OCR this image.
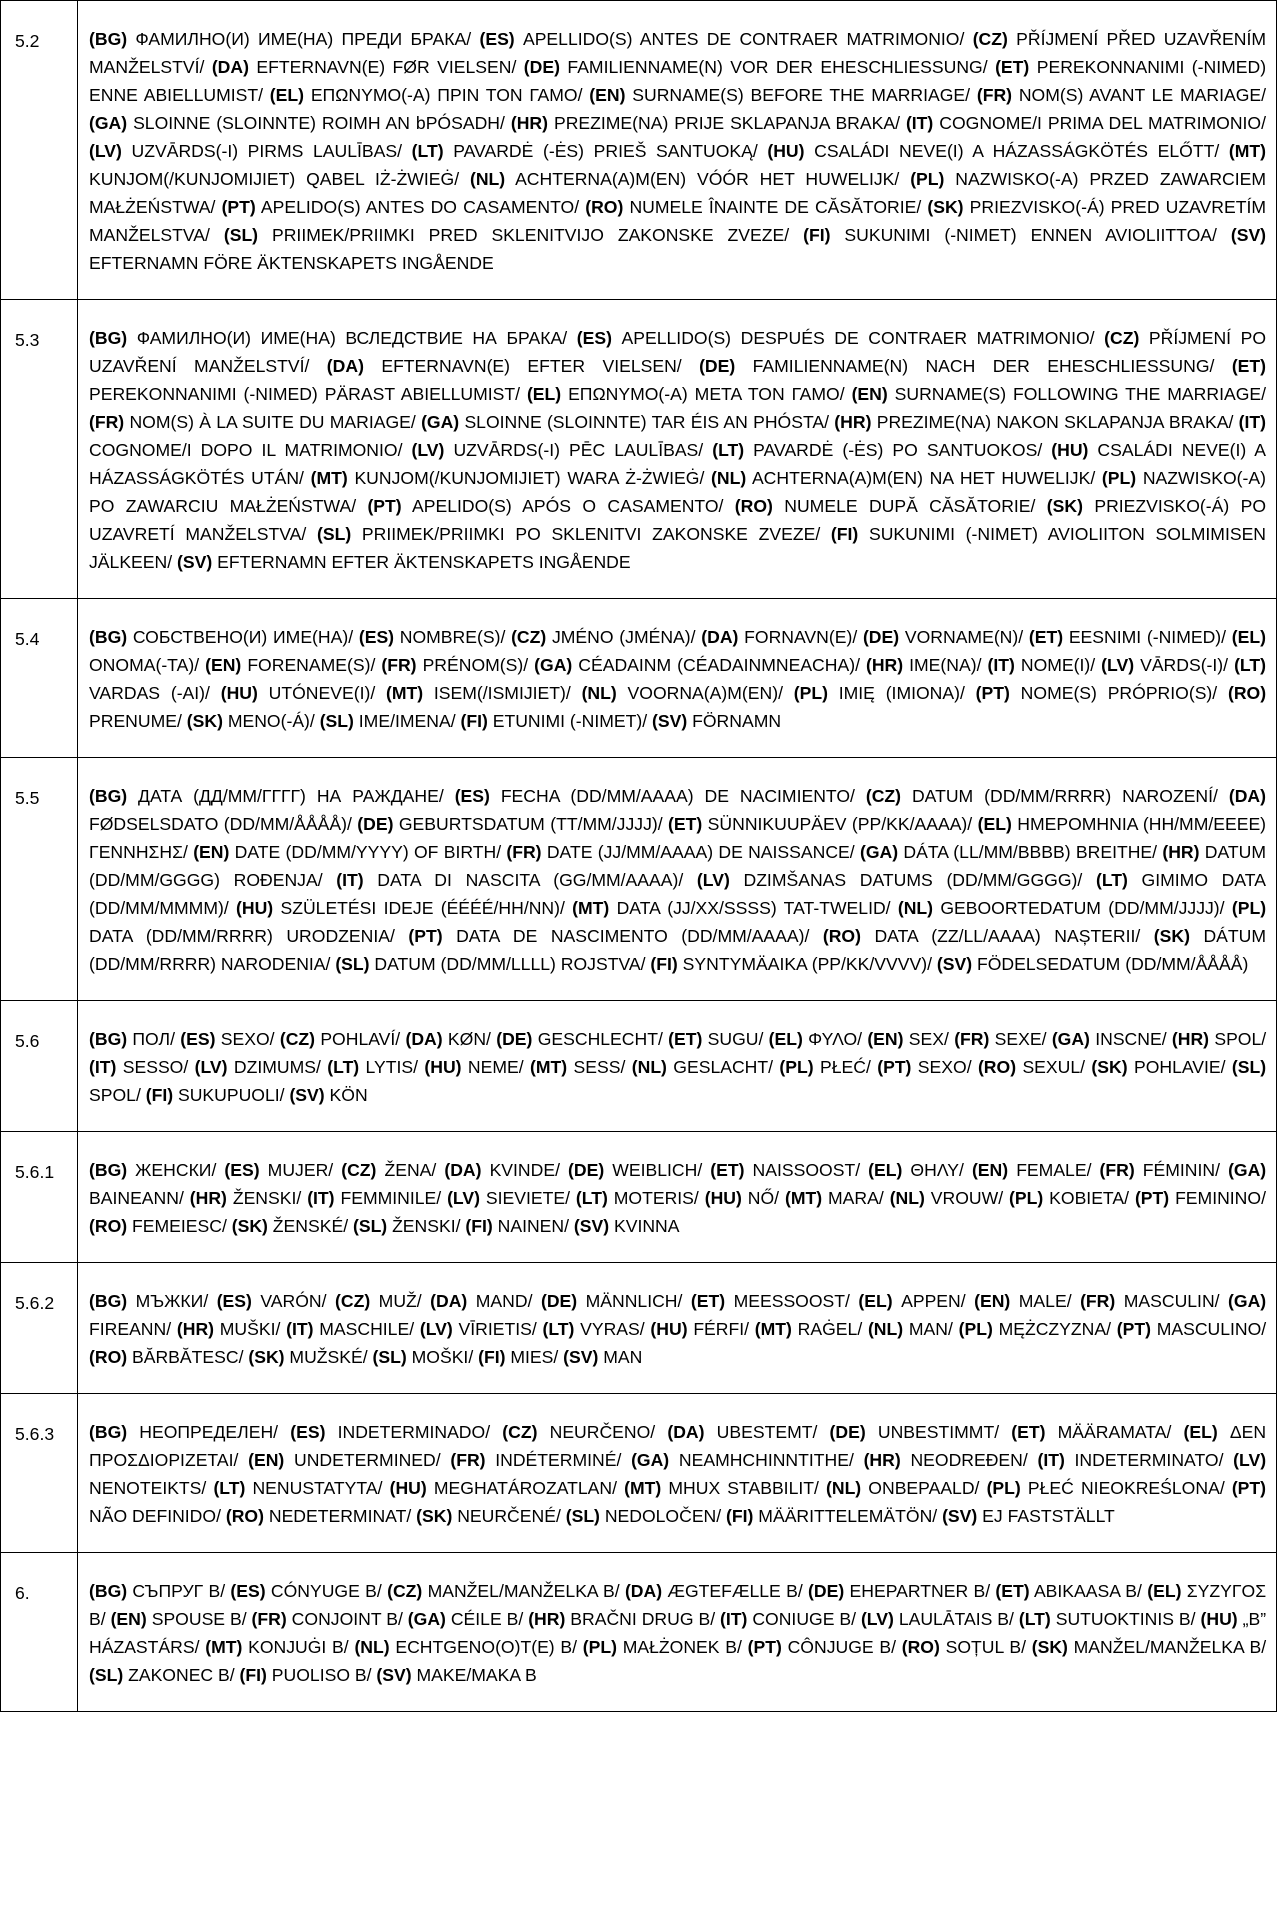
5.2	(BG) ФАМИЛНО(И) ИМЕ(НА) ПРЕДИ БРАКА/ (ES) APELLIDO(S) ANTES DE CONTRAER MATRIMONIO/ (CZ) PŘÍJMENÍ PŘED UZAVŘENÍM MANŽELSTVÍ/ (DA) EFTERNAVN(E) FØR VIELSEN/ (DE) FAMILIENNAME(N) VOR DER EHESCHLIESSUNG/ (ET) PEREKONNANIMI (-NIMED) ENNE ABIELLUMIST/ (EL) ΕΠΩΝΥΜΟ(-Α) ΠΡΙΝ ΤΟΝ ΓΑΜΟ/ (EN) SURNAME(S) BEFORE THE MARRIAGE/ (FR) NOM(S) AVANT LE MARIAGE/ (GA) SLOINNE (SLOINNTE) ROIMH AN bPÓSADH/ (HR) PREZIME(NA) PRIJE SKLAPANJA BRAKA/ (IT) COGNOME/I PRIMA DEL MATRIMONIO/ (LV) UZVĀRDS(-I) PIRMS LAULĪBAS/ (LT) PAVARDĖ (-ĖS) PRIEŠ SANTUOKĄ/ (HU) CSALÁDI NEVE(I) A HÁZASSÁGKÖTÉS ELŐTT/ (MT) KUNJOM(/KUNJOMIJIET) QABEL IŻ-ŻWIEĠ/ (NL) ACHTERNA(A)M(EN) VÓÓR HET HUWELIJK/ (PL) NAZWISKO(-A) PRZED ZAWARCIEM MAŁŻEŃSTWA/ (PT) APELIDO(S) ANTES DO CASAMENTO/ (RO) NUMELE ÎNAINTE DE CĂSĂTORIE/ (SK) PRIEZVISKO(-Á) PRED UZAVRETÍM MANŽELSTVA/ (SL) PRIIMEK/PRIIMKI PRED SKLENITVIJO ZAKONSKE ZVEZE/ (FI) SUKUNIMI (-NIMET) ENNEN AVIOLIITTOA/ (SV) EFTERNAMN FÖRE ÄKTENSKAPETS INGÅENDE
5.3	(BG) ФАМИЛНО(И) ИМЕ(НА) ВСЛЕДСТВИЕ НА БРАКА/ (ES) APELLIDO(S) DESPUÉS DE CONTRAER MATRIMONIO/ (CZ) PŘÍJMENÍ PO UZAVŘENÍ MANŽELSTVÍ/ (DA) EFTERNAVN(E) EFTER VIELSEN/ (DE) FAMILIENNAME(N) NACH DER EHESCHLIESSUNG/ (ET) PEREKONNANIMI (-NIMED) PÄRAST ABIELLUMIST/ (EL) ΕΠΩΝΥΜΟ(-Α) ΜΕΤΑ ΤΟΝ ΓΑΜΟ/ (EN) SURNAME(S) FOLLOWING THE MARRIAGE/ (FR) NOM(S) À LA SUITE DU MARIAGE/ (GA) SLOINNE (SLOINNTE) TAR ÉIS AN PHÓSTA/ (HR) PREZIME(NA) NAKON SKLAPANJA BRAKA/ (IT) COGNOME/I DOPO IL MATRIMONIO/ (LV) UZVĀRDS(-I) PĒC LAULĪBAS/ (LT) PAVARDĖ (-ĖS) PO SANTUOKOS/ (HU) CSALÁDI NEVE(I) A HÁZASSÁGKÖTÉS UTÁN/ (MT) KUNJOM(/KUNJOMIJIET) WARA Ż-ŻWIEĠ/ (NL) ACHTERNA(A)M(EN) NA HET HUWELIJK/ (PL) NAZWISKO(-A) PO ZAWARCIU MAŁŻEŃSTWA/ (PT) APELIDO(S) APÓS O CASAMENTO/ (RO) NUMELE DUPĂ CĂSĂTORIE/ (SK) PRIEZVISKO(-Á) PO UZAVRETÍ MANŽELSTVA/ (SL) PRIIMEK/PRIIMKI PO SKLENITVI ZAKONSKE ZVEZE/ (FI) SUKUNIMI (-NIMET) AVIOLIITON SOLMIMISEN JÄLKEEN/ (SV) EFTERNAMN EFTER ÄKTENSKAPETS INGÅENDE
5.4	(BG) СОБСТВЕНО(И) ИМЕ(НА)/ (ES) NOMBRE(S)/ (CZ) JMÉNO (JMÉNA)/ (DA) FORNAVN(E)/ (DE) VORNAME(N)/ (ET) EESNIMI (-NIMED)/ (EL) ΟΝΟΜΑ(-ΤΑ)/ (EN) FORENAME(S)/ (FR) PRÉNOM(S)/ (GA) CÉADAINM (CÉADAINMNEACHA)/ (HR) IME(NA)/ (IT) NOME(I)/ (LV) VĀRDS(-I)/ (LT) VARDAS (-AI)/ (HU) UTÓNEVE(I)/ (MT) ISEM(/ISMIJIET)/ (NL) VOORNA(A)M(EN)/ (PL) IMIĘ (IMIONA)/ (PT) NOME(S) PRÓPRIO(S)/ (RO) PRENUME/ (SK) MENO(-Á)/ (SL) IME/IMENA/ (FI) ETUNIMI (-NIMET)/ (SV) FÖRNAMN
5.5	(BG) ДАТА (ДД/ММ/ГГГГ) НА РАЖДАНЕ/ (ES) FECHA (DD/MM/AAAA) DE NACIMIENTO/ (CZ) DATUM (DD/MM/RRRR) NAROZENÍ/ (DA) FØDSELSDATO (DD/MM/ÅÅÅÅ)/ (DE) GEBURTSDATUM (TT/MM/JJJJ)/ (ET) SÜNNIKUUPÄEV (PP/KK/AAAA)/ (EL) ΗΜΕΡΟΜΗΝΙΑ (ΗΗ/ΜΜ/ΕΕΕΕ) ΓΕΝΝΗΣΗΣ/ (EN) DATE (DD/MM/YYYY) OF BIRTH/ (FR) DATE (JJ/MM/AAAA) DE NAISSANCE/ (GA) DÁTA (LL/MM/BBBB) BREITHE/ (HR) DATUM (DD/MM/GGGG) ROĐENJA/ (IT) DATA DI NASCITA (GG/MM/AAAA)/ (LV) DZIMŠANAS DATUMS (DD/MM/GGGG)/ (LT) GIMIMO DATA (DD/MM/MMMM)/ (HU) SZÜLETÉSI IDEJE (ÉÉÉÉ/HH/NN)/ (MT) DATA (JJ/XX/SSSS) TAT-TWELID/ (NL) GEBOORTEDATUM (DD/MM/JJJJ)/ (PL) DATA (DD/MM/RRRR) URODZENIA/ (PT) DATA DE NASCIMENTO (DD/MM/AAAA)/ (RO) DATA (ZZ/LL/AAAA) NAȘTERII/ (SK) DÁTUM (DD/MM/RRRR) NARODENIA/ (SL) DATUM (DD/MM/LLLL) ROJSTVA/ (FI) SYNTYMÄAIKA (PP/KK/VVVV)/ (SV) FÖDELSEDATUM (DD/MM/ÅÅÅÅ)
5.6	(BG) ПОЛ/ (ES) SEXO/ (CZ) POHLAVÍ/ (DA) KØN/ (DE) GESCHLECHT/ (ET) SUGU/ (EL) ΦΥΛΟ/ (EN) SEX/ (FR) SEXE/ (GA) INSCNE/ (HR) SPOL/ (IT) SESSO/ (LV) DZIMUMS/ (LT) LYTIS/ (HU) NEME/ (MT) SESS/ (NL) GESLACHT/ (PL) PŁEĆ/ (PT) SEXO/ (RO) SEXUL/ (SK) POHLAVIE/ (SL) SPOL/ (FI) SUKUPUOLI/ (SV) KÖN
5.6.1	(BG) ЖЕНСКИ/ (ES) MUJER/ (CZ) ŽENA/ (DA) KVINDE/ (DE) WEIBLICH/ (ET) NAISSOOST/ (EL) ΘΗΛΥ/ (EN) FEMALE/ (FR) FÉMININ/ (GA) BAINEANN/ (HR) ŽENSKI/ (IT) FEMMINILE/ (LV) SIEVIETE/ (LT) MOTERIS/ (HU) NŐ/ (MT) MARA/ (NL) VROUW/ (PL) KOBIETA/ (PT) FEMININO/ (RO) FEMEIESC/ (SK) ŽENSKÉ/ (SL) ŽENSKI/ (FI) NAINEN/ (SV) KVINNA
5.6.2	(BG) МЪЖКИ/ (ES) VARÓN/ (CZ) MUŽ/ (DA) MAND/ (DE) MÄNNLICH/ (ET) MEESSOOST/ (EL) ΑΡΡΕΝ/ (EN) MALE/ (FR) MASCULIN/ (GA) FIREANN/ (HR) MUŠKI/ (IT) MASCHILE/ (LV) VĪRIETIS/ (LT) VYRAS/ (HU) FÉRFI/ (MT) RAĠEL/ (NL) MAN/ (PL) MĘŻCZYZNA/ (PT) MASCULINO/ (RO) BĂRBĂTESC/ (SK) MUŽSKÉ/ (SL) MOŠKI/ (FI) MIES/ (SV) MAN
5.6.3	(BG) НЕОПРЕДЕЛЕН/ (ES) INDETERMINADO/ (CZ) NEURČENO/ (DA) UBESTEMT/ (DE) UNBESTIMMT/ (ET) MÄÄRAMATA/ (EL) ΔΕΝ ΠΡΟΣΔΙΟΡΙΖΕΤΑΙ/ (EN) UNDETERMINED/ (FR) INDÉTERMINÉ/ (GA) NEAMHCHINNTITHE/ (HR) NEODREĐEN/ (IT) INDETERMINATO/ (LV) NENOTEIKTS/ (LT) NENUSTATYTA/ (HU) MEGHATÁROZATLAN/ (MT) MHUX STABBILIT/ (NL) ONBEPAALD/ (PL) PŁEĆ NIEOKREŚLONA/ (PT) NÃO DEFINIDO/ (RO) NEDETERMINAT/ (SK) NEURČENÉ/ (SL) NEDOLOČEN/ (FI) MÄÄRITTELEMÄTÖN/ (SV) EJ FASTSTÄLLT
6.	(BG) СЪПРУГ B/ (ES) CÓNYUGE B/ (CZ) MANŽEL/MANŽELKA B/ (DA) ÆGTEFÆLLE B/ (DE) EHEPARTNER B/ (ET) ABIKAASA B/ (EL) ΣΥΖΥΓΟΣ B/ (EN) SPOUSE B/ (FR) CONJOINT B/ (GA) CÉILE B/ (HR) BRAČNI DRUG B/ (IT) CONIUGE B/ (LV) LAULĀTAIS B/ (LT) SUTUOKTINIS B/ (HU) „B” HÁZASTÁRS/ (MT) KONJUĠI B/ (NL) ECHTGENO(O)T(E) B/ (PL) MAŁŻONEK B/ (PT) CÔNJUGE B/ (RO) SOȚUL B/ (SK) MANŽEL/MANŽELKA B/ (SL) ZAKONEC B/ (FI) PUOLISO B/ (SV) MAKE/MAKA B
